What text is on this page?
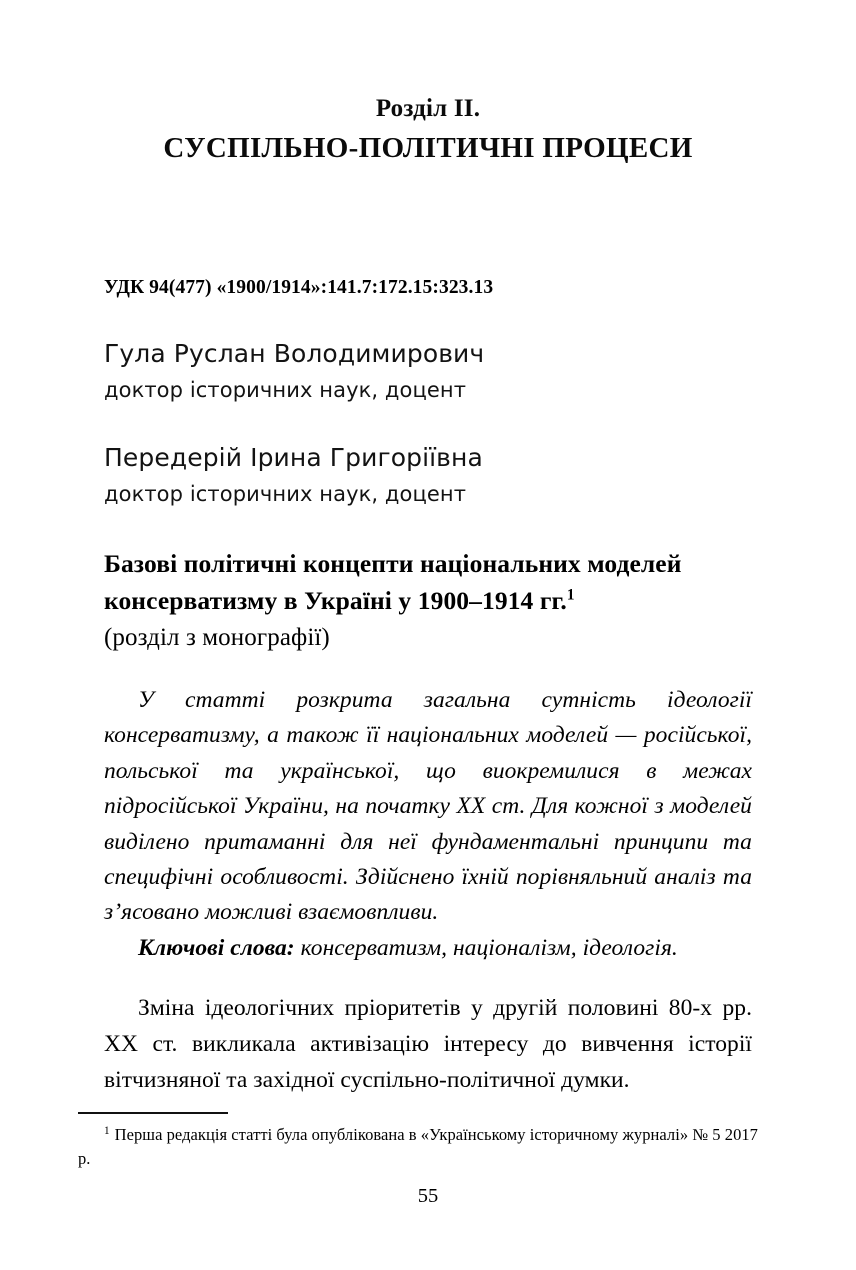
Розділ II.
СУСПІЛЬНО-ПОЛІТИЧНІ ПРОЦЕСИ
УДК 94(477) «1900/1914»:141.7:172.15:323.13
Гула Руслан Володимирович
доктор історичних наук, доцент
Передерій Ірина Григоріївна
доктор історичних наук, доцент
Базові політичні концепти національних моделей консерватизму в Україні у 1900–1914 гг.$^1$
(розділ з монографії)
У статті розкрита загальна сутність ідеології консерватизму, а також її національних моделей — російської, польської та української, що виокремилися в межах підросійської України, на початку XX ст. Для кожної з моделей виділено притаманні для неї фундаментальні принципи та специфічні особливості. Здійснено їхній порівняльний аналіз та з’ясовано можливі взаємовпливи.
Ключові слова: консерватизм, націоналізм, ідеологія.
Зміна ідеологічних пріоритетів у другій половині 80-х рр. XX ст. викликала активізацію інтересу до вивчення історії вітчизняної та західної суспільно-політичної думки.
$^1$ Перша редакція статті була опублікована в «Українському історичному журналі» № 5 2017 р.
55
